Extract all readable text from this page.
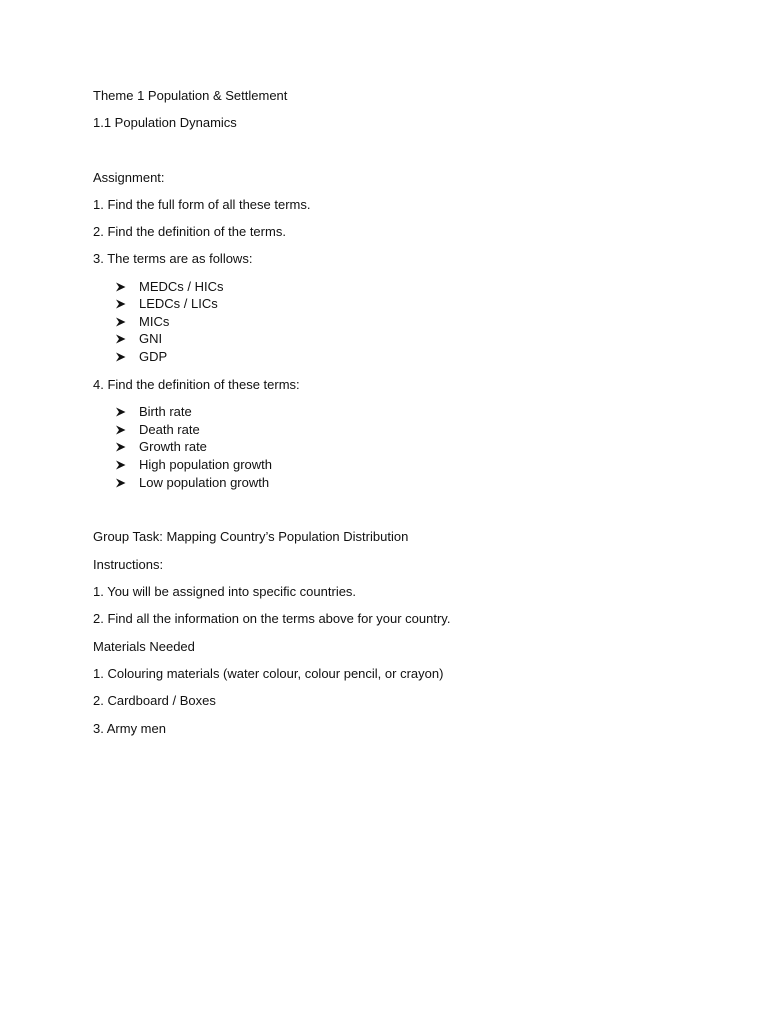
Theme 1 Population & Settlement
1.1 Population Dynamics
Assignment:
1. Find the full form of all these terms.
2. Find the definition of the terms.
3. The terms are as follows:
MEDCs / HICs
LEDCs / LICs
MICs
GNI
GDP
4. Find the definition of these terms:
Birth rate
Death rate
Growth rate
High population growth
Low population growth
Group Task: Mapping Country’s Population Distribution
Instructions:
1. You will be assigned into specific countries.
2. Find all the information on the terms above for your country.
Materials Needed
1. Colouring materials (water colour, colour pencil, or crayon)
2. Cardboard / Boxes
3. Army men
